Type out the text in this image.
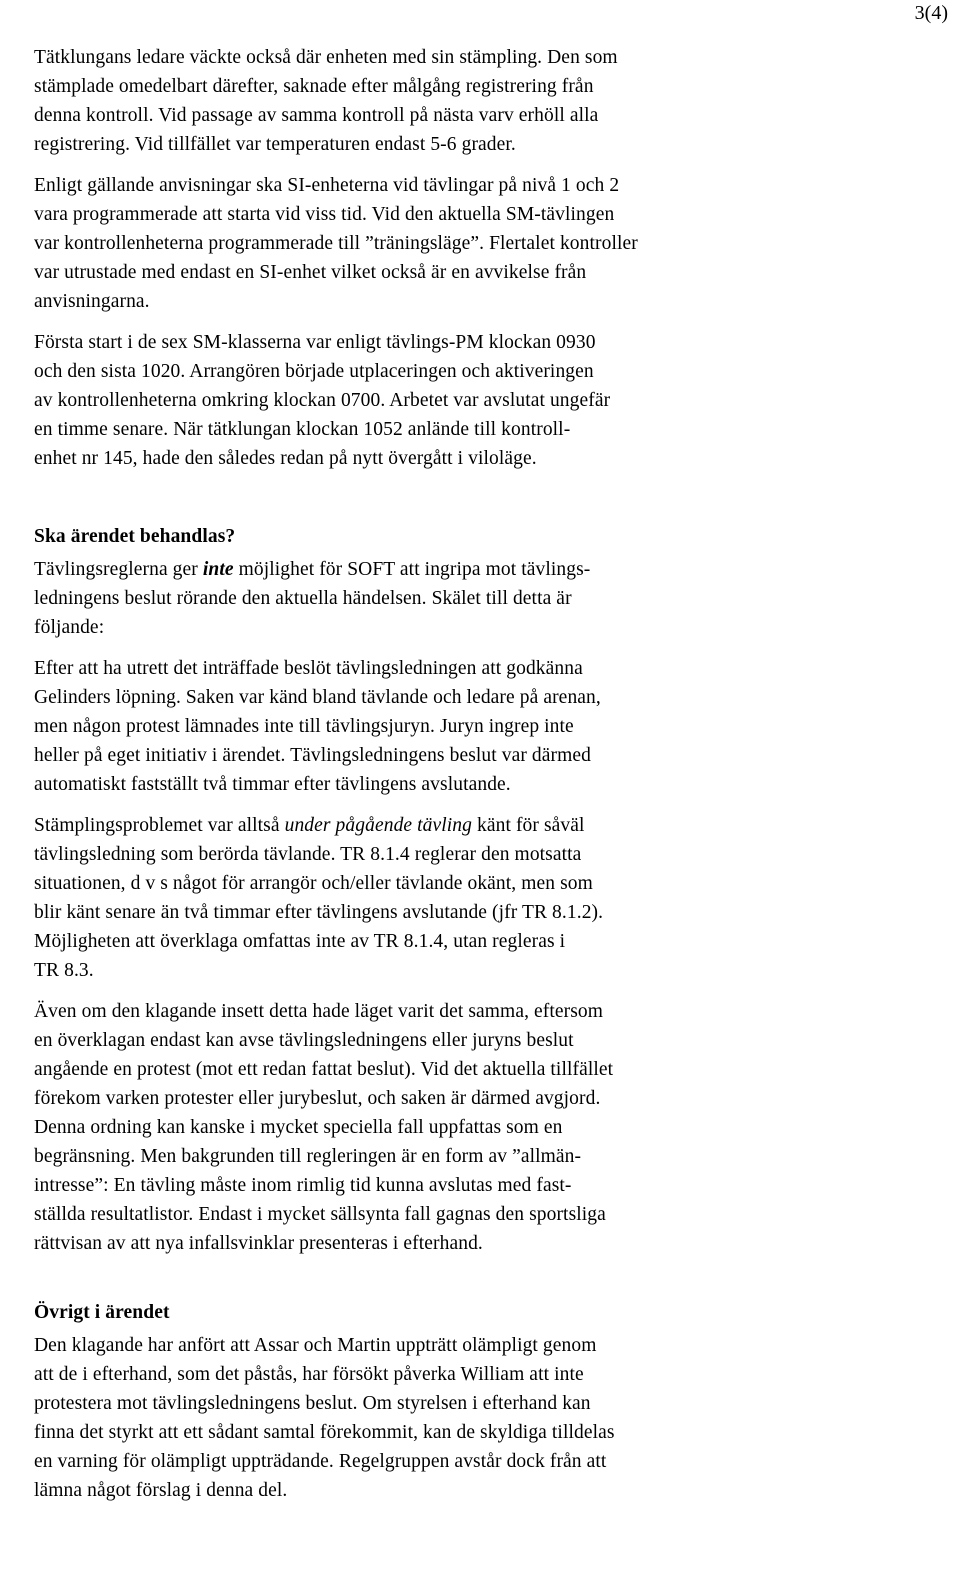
3(4)
Tätklungans ledare väckte också där enheten med sin stämpling. Den som
stämplade omedelbart därefter, saknade efter målgång registrering från
denna kontroll. Vid passage av samma kontroll på nästa varv erhöll alla
registrering. Vid tillfället var temperaturen endast 5-6 grader.
Enligt gällande anvisningar ska SI-enheterna vid tävlingar på nivå 1 och 2
vara programmerade att starta vid viss tid. Vid den aktuella SM-tävlingen
var kontrollenheterna programmerade till ”träningsläge”. Flertalet kontroller
var utrustade med endast en SI-enhet vilket också är en avvikelse från
anvisningarna.
Första start i de sex SM-klasserna var enligt tävlings-PM klockan 0930
och den sista 1020. Arrangören började utplaceringen och aktiveringen
av kontrollenheterna omkring klockan 0700. Arbetet var avslutat ungefär
en timme senare. När tätklungan klockan 1052 anlände till kontroll-
enhet nr 145, hade den således redan på nytt övergått i viloläge.
Ska ärendet behandlas?
Tävlingsreglerna ger inte möjlighet för SOFT att ingripa mot tävlings-
ledningens beslut rörande den aktuella händelsen. Skälet till detta är
följande:
Efter att ha utrett det inträffade beslöt tävlingsledningen att godkänna
Gelinders löpning. Saken var känd bland tävlande och ledare på arenan,
men någon protest lämnades inte till tävlingsjuryn. Juryn ingrep inte
heller på eget initiativ i ärendet. Tävlingsledningens beslut var därmed
automatiskt fastställt två timmar efter tävlingens avslutande.
Stämplingsproblemet var alltså under pågående tävling känt för såväl
tävlingsledning som berörda tävlande. TR 8.1.4 reglerar den motsatta
situationen, d v s något för arrangör och/eller tävlande okänt, men som
blir känt senare än två timmar efter tävlingens avslutande (jfr TR 8.1.2).
Möjligheten att överklaga omfattas inte av TR 8.1.4, utan regleras i
TR 8.3.
Även om den klagande insett detta hade läget varit det samma, eftersom
en överklagan endast kan avse tävlingsledningens eller juryns beslut
angående en protest (mot ett redan fattat beslut). Vid det aktuella tillfället
förekom varken protester eller jurybeslut, och saken är därmed avgjord.
Denna ordning kan kanske i mycket speciella fall uppfattas som en
begränsning. Men bakgrunden till regleringen är en form av ”allmän-
intresse”: En tävling måste inom rimlig tid kunna avslutas med fast-
ställda resultatlistor. Endast i mycket sällsynta fall gagnas den sportsliga
rättvisan av att nya infallsvinklar presenteras i efterhand.
Övrigt i ärendet
Den klagande har anfört att Assar och Martin uppträtt olämpligt genom
att de i efterhand, som det påstås, har försökt påverka William att inte
protestera mot tävlingsledningens beslut. Om styrelsen i efterhand kan
finna det styrkt att ett sådant samtal förekommit, kan de skyldiga tilldelas
en varning för olämpligt uppträdande. Regelgruppen avstår dock från att
lämna något förslag i denna del.
